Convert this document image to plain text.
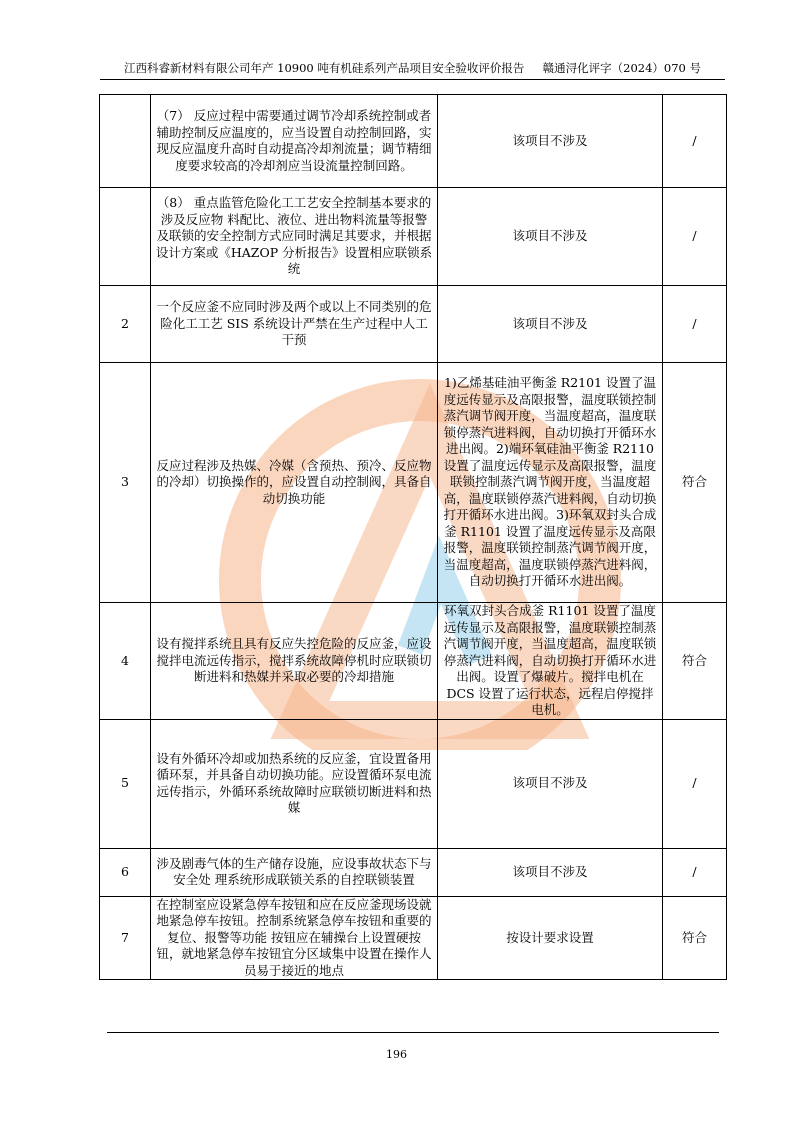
江西科睿新材料有限公司年产 10900 吨有机硅系列产品项目安全验收评价报告 赣通浔化评字（2024）070 号
	（7） 反应过程中需要通过调节冷却系统控制或者辅助控制反应温度的，应当设置自动控制回路，实现反应温度升高时自动提高冷却剂流量；调节精细度要求较高的冷却剂应当设流量控制回路。	该项目不涉及	/
	（8） 重点监管危险化工工艺安全控制基本要求的涉及反应物 料配比、液位、进出物料流量等报警及联锁的安全控制方式应同时满足其要求，并根据设计方案或《HAZOP 分析报告》设置相应联锁系统	该项目不涉及	/
2	一个反应釜不应同时涉及两个或以上不同类别的危险化工工艺 SIS 系统设计严禁在生产过程中人工干预	该项目不涉及	/
3	反应过程涉及热媒、冷媒（含预热、预冷、反应物的冷却）切换操作的，应设置自动控制阀，具备自动切换功能	1)乙烯基硅油平衡釜 R2101 设置了温度远传显示及高限报警，温度联锁控制蒸汽调节阀开度，当温度超高，温度联锁停蒸汽进料阀，自动切换打开循环水进出阀。2)端环氧硅油平衡釜 R2110 设置了温度远传显示及高限报警，温度联锁控制蒸汽调节阀开度，当温度超高，温度联锁停蒸汽进料阀，自动切换打开循环水进出阀。3)环氧双封头合成釜 R1101 设置了温度远传显示及高限报警，温度联锁控制蒸汽调节阀开度，当温度超高，温度联锁停蒸汽进料阀，自动切换打开循环水进出阀。	符合
4	设有搅拌系统且具有反应失控危险的反应釜，应设搅拌电流远传指示，搅拌系统故障停机时应联锁切断进料和热媒并采取必要的冷却措施	环氧双封头合成釜 R1101 设置了温度远传显示及高限报警，温度联锁控制蒸汽调节阀开度，当温度超高，温度联锁停蒸汽进料阀，自动切换打开循环水进出阀。设置了爆破片。搅拌电机在 DCS 设置了运行状态，远程启停搅拌电机。	符合
5	设有外循环冷却或加热系统的反应釜，宜设置备用循环泵，并具备自动切换功能。应设置循环泵电流远传指示，外循环系统故障时应联锁切断进料和热媒	该项目不涉及	/
6	涉及剧毒气体的生产储存设施，应设事故状态下与安全处 理系统形成联锁关系的自控联锁装置	该项目不涉及	/
7	在控制室应设紧急停车按钮和应在反应釜现场设就地紧急停车按钮。控制系统紧急停车按钮和重要的复位、报警等功能 按钮应在辅操台上设置硬按钮，就地紧急停车按钮宜分区域集中设置在操作人员易于接近的地点	按设计要求设置	符合
196
